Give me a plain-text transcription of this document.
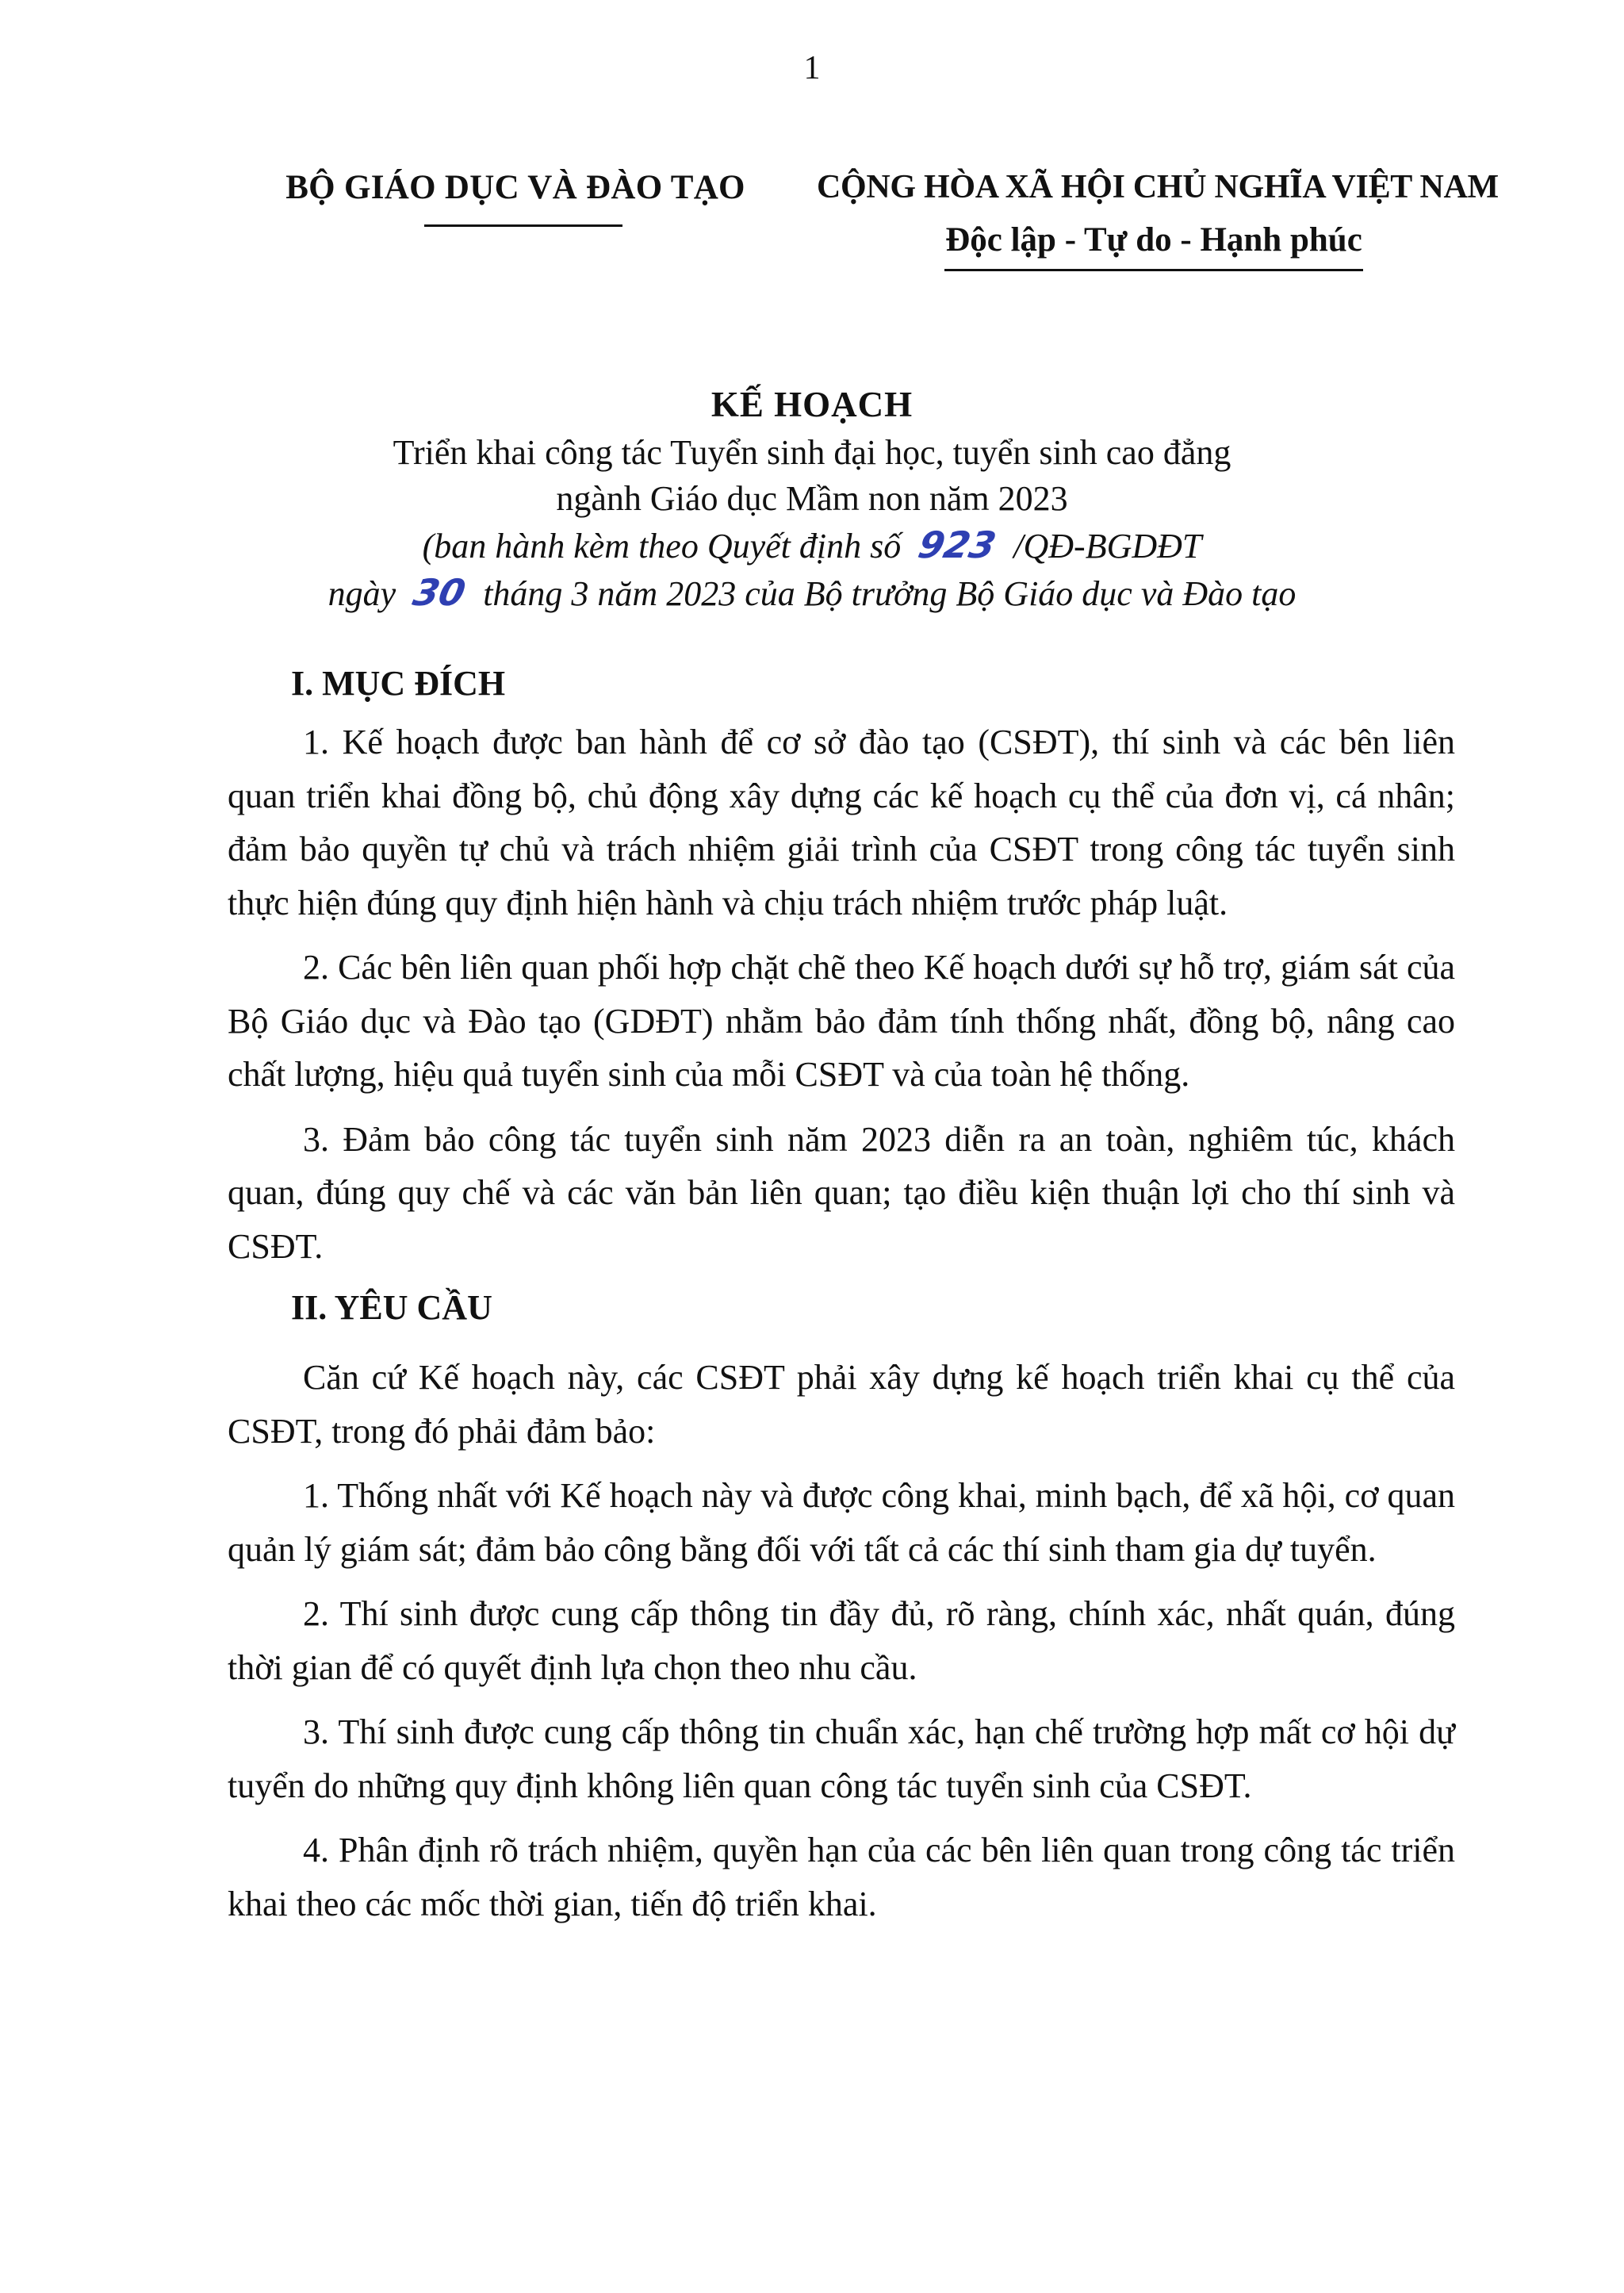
1
BỘ GIÁO DỤC VÀ ĐÀO TẠO	CỘNG HÒA XÃ HỘI CHỦ NGHĨA VIỆT NAM
Độc lập - Tự do - Hạnh phúc
KẾ HOẠCH
Triển khai công tác Tuyển sinh đại học, tuyển sinh cao đẳng
ngành Giáo dục Mầm non năm 2023
(ban hành kèm theo Quyết định số 923 /QĐ-BGDĐT
ngày 30 tháng 3 năm 2023 của Bộ trưởng Bộ Giáo dục và Đào tạo
I. MỤC ĐÍCH

1. Kế hoạch được ban hành để cơ sở đào tạo (CSĐT), thí sinh và các bên liên quan triển khai đồng bộ, chủ động xây dựng các kế hoạch cụ thể của đơn vị, cá nhân; đảm bảo quyền tự chủ và trách nhiệm giải trình của CSĐT trong công tác tuyển sinh thực hiện đúng quy định hiện hành và chịu trách nhiệm trước pháp luật.

2. Các bên liên quan phối hợp chặt chẽ theo Kế hoạch dưới sự hỗ trợ, giám sát của Bộ Giáo dục và Đào tạo (GDĐT) nhằm bảo đảm tính thống nhất, đồng bộ, nâng cao chất lượng, hiệu quả tuyển sinh của mỗi CSĐT và của toàn hệ thống.

3. Đảm bảo công tác tuyển sinh năm 2023 diễn ra an toàn, nghiêm túc, khách quan, đúng quy chế và các văn bản liên quan; tạo điều kiện thuận lợi cho thí sinh và CSĐT.

II. YÊU CẦU

Căn cứ Kế hoạch này, các CSĐT phải xây dựng kế hoạch triển khai cụ thể của CSĐT, trong đó phải đảm bảo:

1. Thống nhất với Kế hoạch này và được công khai, minh bạch, để xã hội, cơ quan quản lý giám sát; đảm bảo công bằng đối với tất cả các thí sinh tham gia dự tuyển.

2. Thí sinh được cung cấp thông tin đầy đủ, rõ ràng, chính xác, nhất quán, đúng thời gian để có quyết định lựa chọn theo nhu cầu.

3. Thí sinh được cung cấp thông tin chuẩn xác, hạn chế trường hợp mất cơ hội dự tuyển do những quy định không liên quan công tác tuyển sinh của CSĐT.

4. Phân định rõ trách nhiệm, quyền hạn của các bên liên quan trong công tác triển khai theo các mốc thời gian, tiến độ triển khai.
